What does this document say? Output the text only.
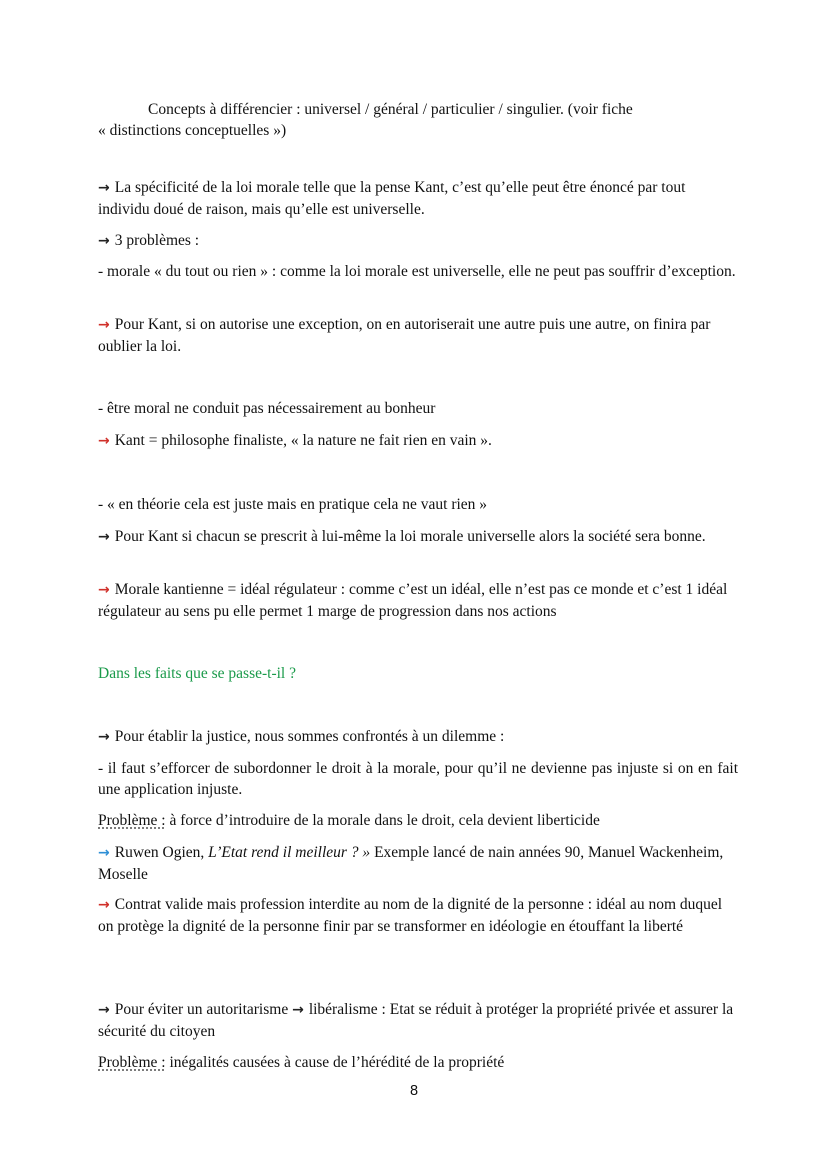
Concepts à différencier : universel / général / particulier / singulier. (voir fiche
« distinctions conceptuelles »)

→ La spécificité de la loi morale telle que la pense Kant, c’est qu’elle peut être énoncé par tout individu doué de raison, mais qu’elle est universelle.

→ 3 problèmes :

- morale « du tout ou rien » : comme la loi morale est universelle, elle ne peut pas souffrir d’exception.

→ Pour Kant, si on autorise une exception, on en autoriserait une autre puis une autre, on finira par oublier la loi.

- être moral ne conduit pas nécessairement au bonheur

→ Kant = philosophe finaliste, « la nature ne fait rien en vain ».

- « en théorie cela est juste mais en pratique cela ne vaut rien »

→ Pour Kant si chacun se prescrit à lui-même la loi morale universelle alors la société sera bonne.

→ Morale kantienne = idéal régulateur : comme c’est un idéal, elle n’est pas ce monde et c’est 1 idéal régulateur au sens pu elle permet 1 marge de progression dans nos actions

Dans les faits que se passe-t-il ?

→ Pour établir la justice, nous sommes confrontés à un dilemme :

- il faut s’efforcer de subordonner le droit à la morale, pour qu’il ne devienne pas injuste si on en fait une application injuste.

Problème : à force d’introduire de la morale dans le droit, cela devient liberticide

→ Ruwen Ogien, L’Etat rend il meilleur ? » Exemple lancé de nain années 90, Manuel Wackenheim, Moselle

→ Contrat valide mais profession interdite au nom de la dignité de la personne : idéal au nom duquel on protège la dignité de la personne finir par se transformer en idéologie en étouffant la liberté

→ Pour éviter un autoritarisme → libéralisme : Etat se réduit à protéger la propriété privée et assurer la sécurité du citoyen

Problème : inégalités causées à cause de l’hérédité de la propriété

8
